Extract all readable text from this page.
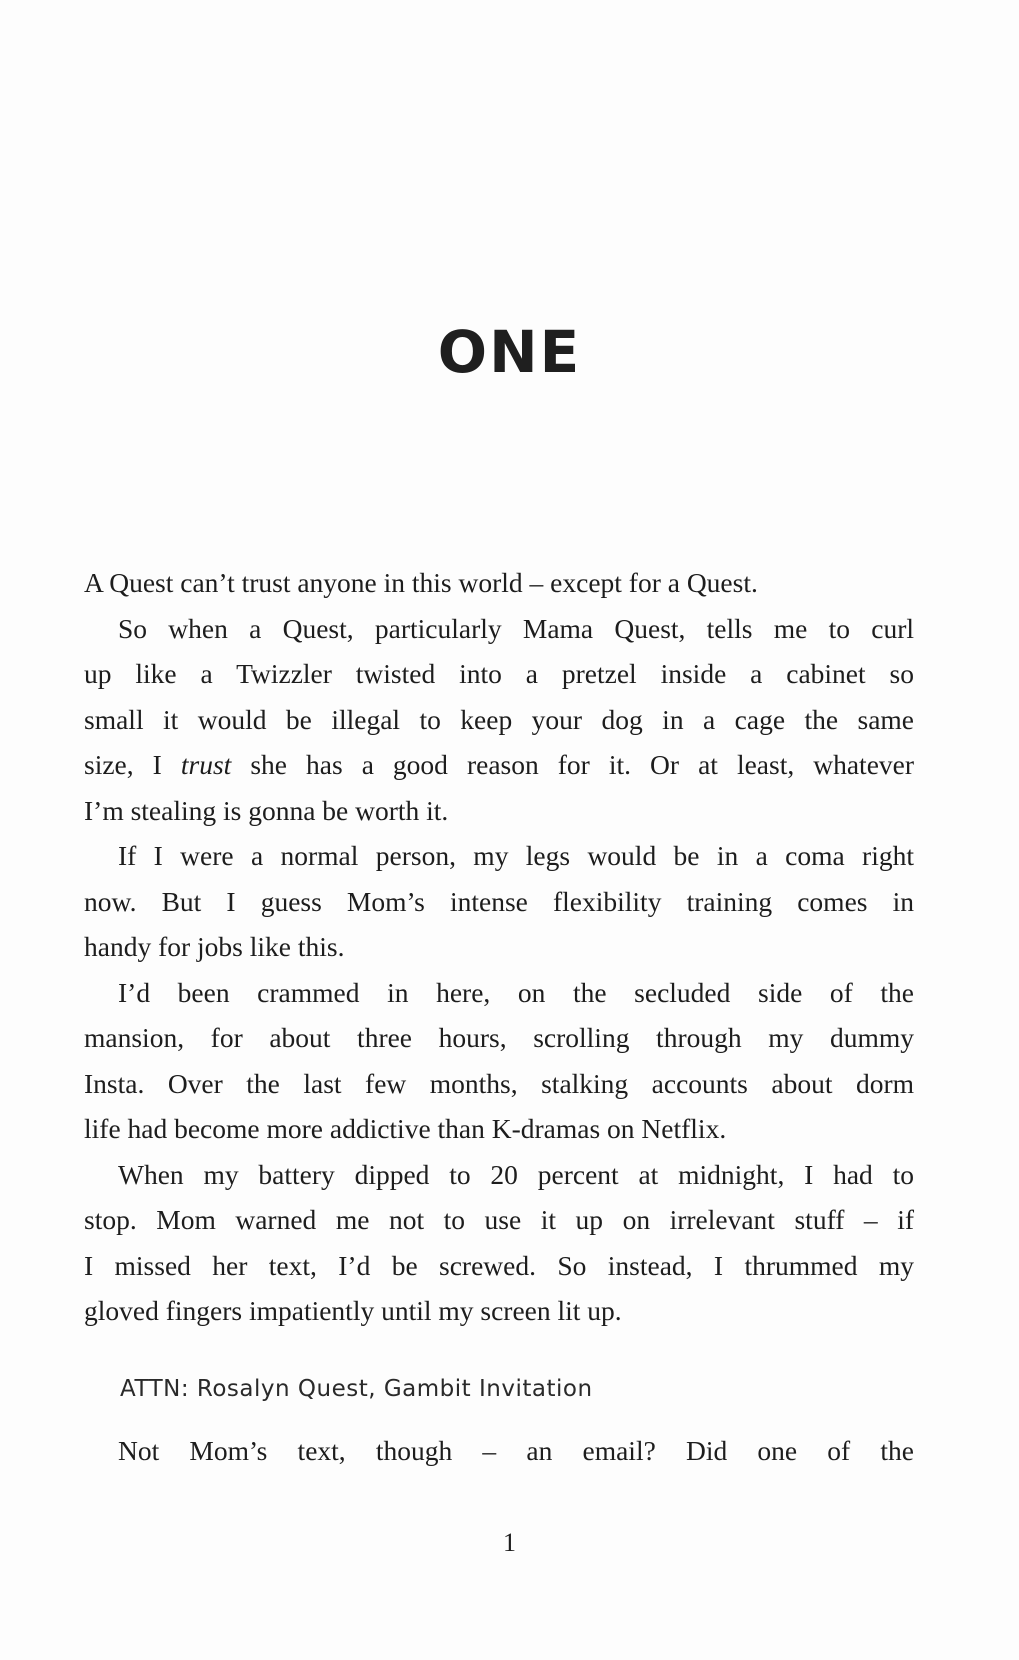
ONE
A Quest can’t trust anyone in this world – except for a Quest.
So when a Quest, particularly Mama Quest, tells me to curl
up like a Twizzler twisted into a pretzel inside a cabinet so
small it would be illegal to keep your dog in a cage the same
size, I trust she has a good reason for it. Or at least, whatever
I’m stealing is gonna be worth it.
If I were a normal person, my legs would be in a coma right
now. But I guess Mom’s intense flexibility training comes in
handy for jobs like this.
I’d been crammed in here, on the secluded side of the
mansion, for about three hours, scrolling through my dummy
Insta. Over the last few months, stalking accounts about dorm
life had become more addictive than K-dramas on Netflix.
When my battery dipped to 20 percent at midnight, I had to
stop. Mom warned me not to use it up on irrelevant stuff – if
I missed her text, I’d be screwed. So instead, I thrummed my
gloved fingers impatiently until my screen lit up.
ATTN: Rosalyn Quest, Gambit Invitation
Not Mom’s text, though – an email? Did one of the
1
